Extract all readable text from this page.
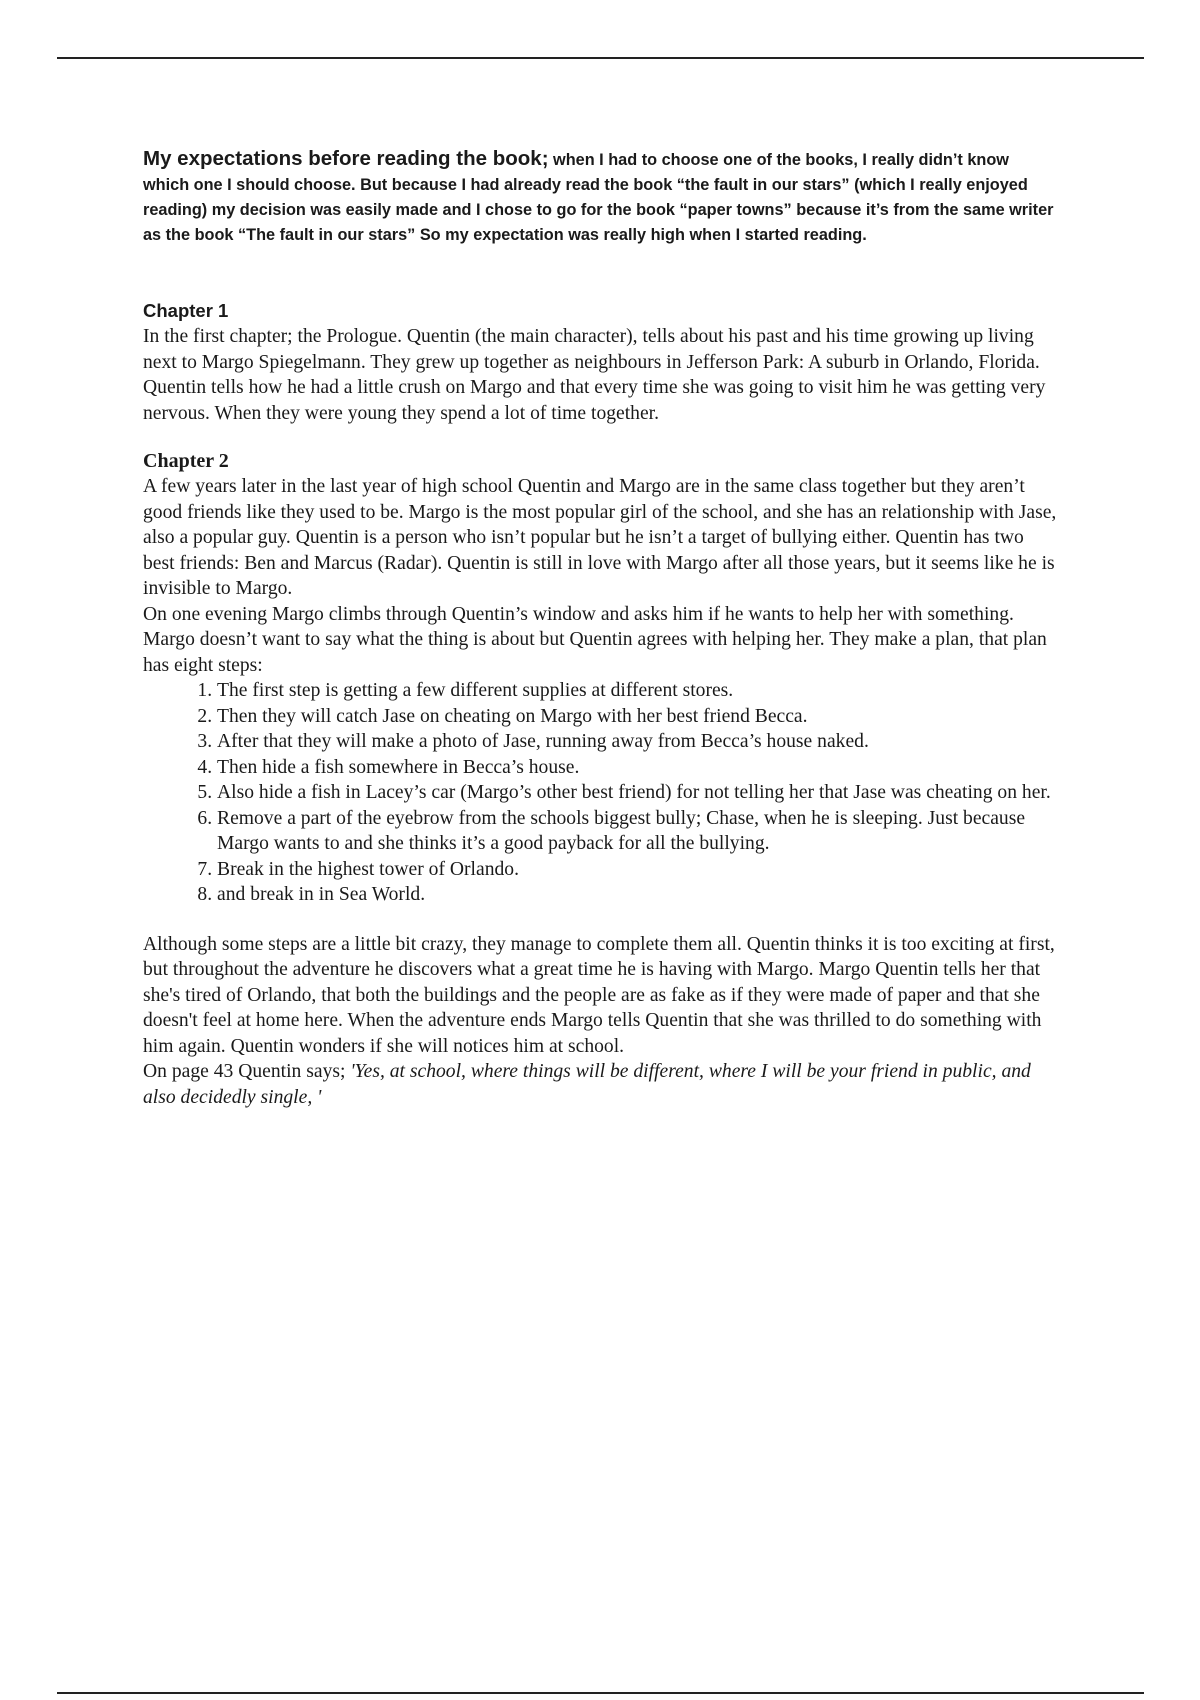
My expectations before reading the book; when I had to choose one of the books, I really didn’t know which one I should choose. But because I had already read the book “the fault in our stars” (which I really enjoyed reading) my decision was easily made and I chose to go for the book “paper towns” because it’s from the same writer as the book “The fault in our stars” So my expectation was really high when I started reading.

Chapter 1

In the first chapter; the Prologue. Quentin (the main character), tells about his past and his time growing up living next to Margo Spiegelmann. They grew up together as neighbours in Jefferson Park: A suburb in Orlando, Florida. Quentin tells how he had a little crush on Margo and that every time she was going to visit him he was getting very nervous. When they were young they spend a lot of time together.

Chapter 2

A few years later in the last year of high school Quentin and Margo are in the same class together but they aren’t good friends like they used to be. Margo is the most popular girl of the school, and she has an relationship with Jase, also a popular guy. Quentin is a person who isn’t popular but he isn’t a target of bullying either. Quentin has two best friends: Ben and Marcus (Radar). Quentin is still in love with Margo after all those years, but it seems like he is invisible to Margo.

On one evening Margo climbs through Quentin’s window and asks him if he wants to help her with something. Margo doesn’t want to say what the thing is about but Quentin agrees with helping her. They make a plan, that plan has eight steps:

1. The first step is getting a few different supplies at different stores.
2. Then they will catch Jase on cheating on Margo with her best friend Becca.
3. After that they will make a photo of Jase, running away from Becca’s house naked.
4. Then hide a fish somewhere in Becca’s house.
5. Also hide a fish in Lacey’s car (Margo’s other best friend) for not telling her that Jase was cheating on her.
6. Remove a part of the eyebrow from the schools biggest bully; Chase, when he is sleeping. Just because Margo wants to and she thinks it’s a good payback for all the bullying.
7. Break in the highest tower of Orlando.
8. and break in in Sea World.

Although some steps are a little bit crazy, they manage to complete them all. Quentin thinks it is too exciting at first, but throughout the adventure he discovers what a great time he is having with Margo. Margo Quentin tells her that she's tired of Orlando, that both the buildings and the people are as fake as if they were made of paper and that she doesn't feel at home here. When the adventure ends Margo tells Quentin that she was thrilled to do something with him again. Quentin wonders if she will notices him at school.

On page 43 Quentin says; 'Yes, at school, where things will be different, where I will be your friend in public, and also decidedly single, '
